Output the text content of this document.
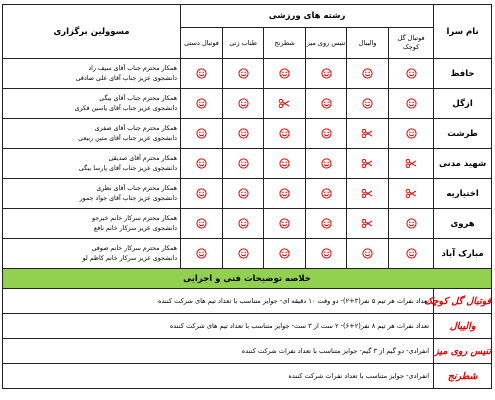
نام سرا	رشته های ورزشی						مسوولین برگزاری
	فوتبال گل کوچک	والیبال	تنیس روی میز	شطرنج	طناب زنی	فوتبال دستی	
حافظ							همکار محترم جناب آقای سیف زاد
دانشجوی عزیز جناب آقای علی صادقی

ازگل							همکار محترم جناب آقای بیگی
دانشجوی عزیز جناب آقای یاسین فکری

طرشت							همکار محترم جناب آقای صفری
دانشجوی عزیز جناب آقای متین ربیعی

شهید مدنی							همکار محترم آقای صدیقی
دانشجوی عزیز جناب آقای پارسا بیگی

اختیاریه							همکار محترم جناب آقای نظری
دانشجوی عزیز جناب آقای جواد جمور

هروی							همکار محترم سرکار خانم خیرجو
دانشجوی عزیز سرکار خانم نافع

مبارک آباد							همکار محترم سرکار خانم صوفی
دانشجوی عزیز سرکار خانم کاظم لو

خلاصه توضیحات فنی و اجرایی							
فوتبال گل کوچک	تعداد نفرات هر تیم ۵ نفر(۳+۲)- دو وقت ۱۰ دقیقه ای- جوایز متناسب با تعداد تیم های شرکت کننده						
والیبال	تعداد نفرات هر تیم ۸ نفر(۲+۶)- ۲ ست از ۳ ست- جوایز متناسب با تعداد تیم های شرکت کننده						
تنیس روی میز	انفرادی- دو گیم از ۳ گیم- جوایز متناسب با تعداد نفرات شرکت کننده						
شطرنج	انفرادی- جوایز متناسب با تعداد نفرات شرکت کننده						
